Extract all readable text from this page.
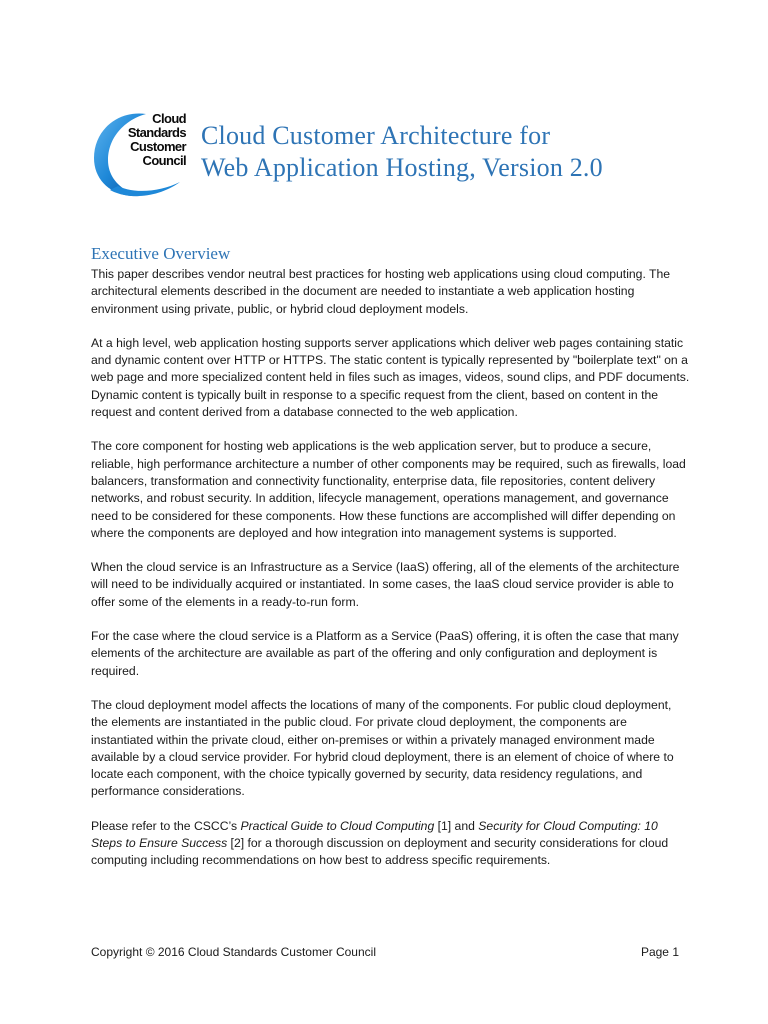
Cloud
Standards
Customer
Council
Cloud Customer Architecture for
Web Application Hosting, Version 2.0
Executive Overview

This paper describes vendor neutral best practices for hosting web applications using cloud computing. The architectural elements described in the document are needed to instantiate a web application hosting environment using private, public, or hybrid cloud deployment models.

At a high level, web application hosting supports server applications which deliver web pages containing static and dynamic content over HTTP or HTTPS. The static content is typically represented by "boilerplate text" on a web page and more specialized content held in files such as images, videos, sound clips, and PDF documents. Dynamic content is typically built in response to a specific request from the client, based on content in the request and content derived from a database connected to the web application.

The core component for hosting web applications is the web application server, but to produce a secure, reliable, high performance architecture a number of other components may be required, such as firewalls, load balancers, transformation and connectivity functionality, enterprise data, file repositories, content delivery networks, and robust security. In addition, lifecycle management, operations management, and governance need to be considered for these components. How these functions are accomplished will differ depending on where the components are deployed and how integration into management systems is supported.

When the cloud service is an Infrastructure as a Service (IaaS) offering, all of the elements of the architecture will need to be individually acquired or instantiated. In some cases, the IaaS cloud service provider is able to offer some of the elements in a ready-to-run form.

For the case where the cloud service is a Platform as a Service (PaaS) offering, it is often the case that many elements of the architecture are available as part of the offering and only configuration and deployment is required.

The cloud deployment model affects the locations of many of the components. For public cloud deployment, the elements are instantiated in the public cloud. For private cloud deployment, the components are instantiated within the private cloud, either on-premises or within a privately managed environment made available by a cloud service provider. For hybrid cloud deployment, there is an element of choice of where to locate each component, with the choice typically governed by security, data residency regulations, and performance considerations.

Please refer to the CSCC’s Practical Guide to Cloud Computing [1] and Security for Cloud Computing: 10 Steps to Ensure Success [2] for a thorough discussion on deployment and security considerations for cloud computing including recommendations on how best to address specific requirements.

Copyright © 2016 Cloud Standards Customer Council	Page 1
